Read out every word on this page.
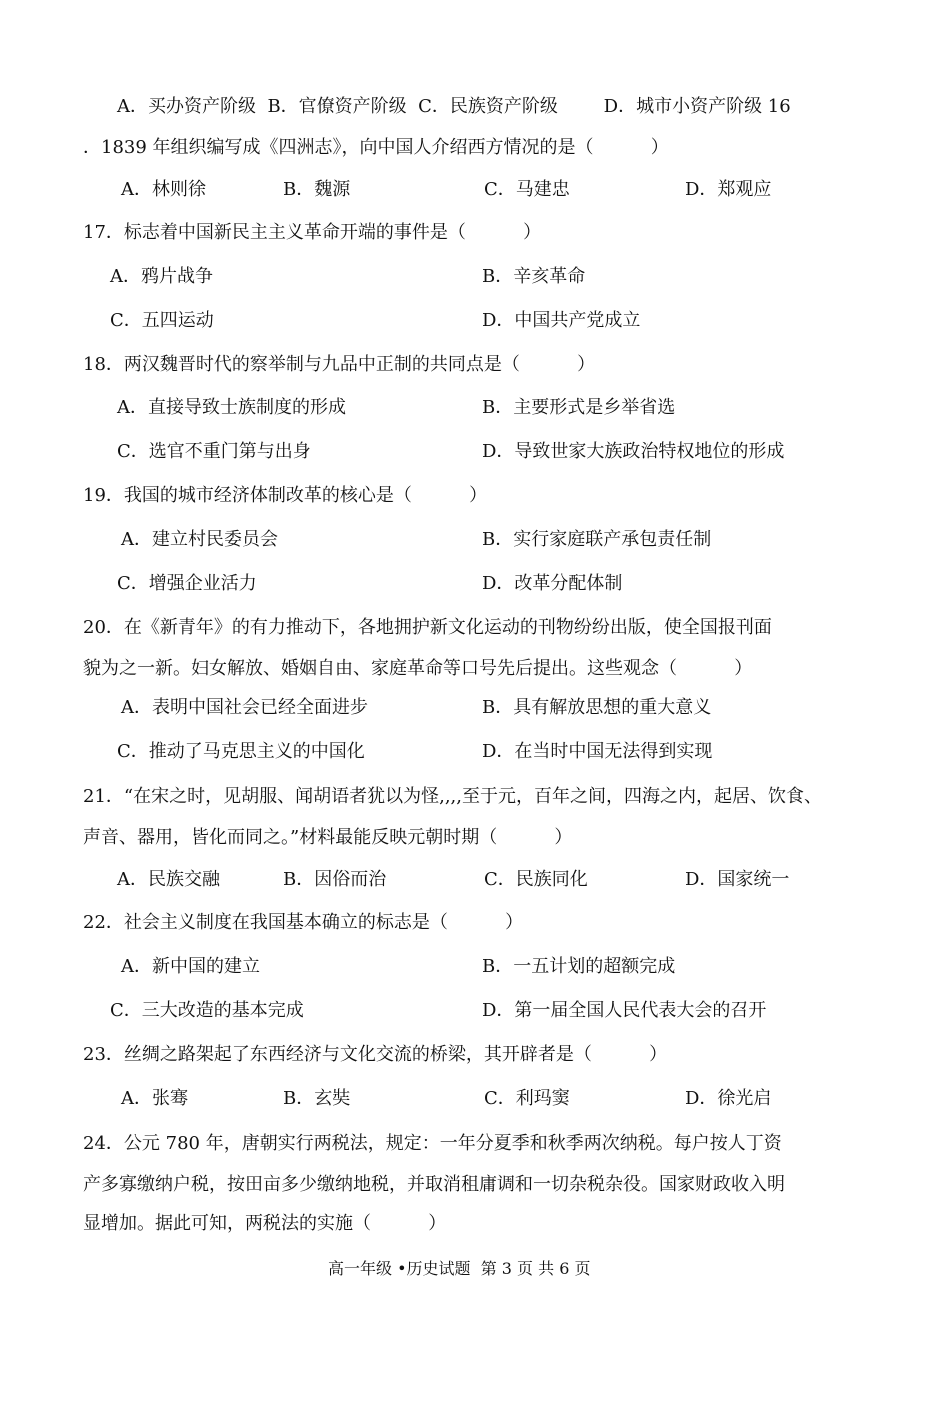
A．买办资产阶级  B．官僚资产阶级  C．民族资产阶级        D．城市小资产阶级 16
．1839 年组织编写成《四洲志》，向中国人介绍西方情况的是（          ）
A．林则徐	B．魏源	C．马建忠	D．郑观应
17．标志着中国新民主主义革命开端的事件是（          ）
A．鸦片战争	B．辛亥革命
C．五四运动	D．中国共产党成立
18．两汉魏晋时代的察举制与九品中正制的共同点是（          ）
A．直接导致士族制度的形成	B．主要形式是乡举省选
C．选官不重门第与出身	D．导致世家大族政治特权地位的形成
19．我国的城市经济体制改革的核心是（          ）
A．建立村民委员会	B．实行家庭联产承包责任制
C．增强企业活力	D．改革分配体制
20．在《新青年》的有力推动下，各地拥护新文化运动的刊物纷纷出版，使全国报刊面
貌为之一新。妇女解放、婚姻自由、家庭革命等口号先后提出。这些观念（          ）
A．表明中国社会已经全面进步	B．具有解放思想的重大意义
C．推动了马克思主义的中国化	D．在当时中国无法得到实现
21．“在宋之时，见胡服、闻胡语者犹以为怪,,,,至于元，百年之间，四海之内，起居、饮食、
声音、器用，皆化而同之。”材料最能反映元朝时期（          ）
A．民族交融	B．因俗而治	C．民族同化	D．国家统一
22．社会主义制度在我国基本确立的标志是（          ）
A．新中国的建立	B．一五计划的超额完成
C．三大改造的基本完成	D．第一届全国人民代表大会的召开
23．丝绸之路架起了东西经济与文化交流的桥梁，其开辟者是（          ）
A．张骞	B．玄奘	C．利玛窦	D．徐光启
24．公元 780 年，唐朝实行两税法，规定：一年分夏季和秋季两次纳税。每户按人丁资
产多寡缴纳户税，按田亩多少缴纳地税，并取消租庸调和一切杂税杂役。国家财政收入明
显增加。据此可知，两税法的实施（          ）
高一年级 •历史试题  第 3 页 共 6 页
